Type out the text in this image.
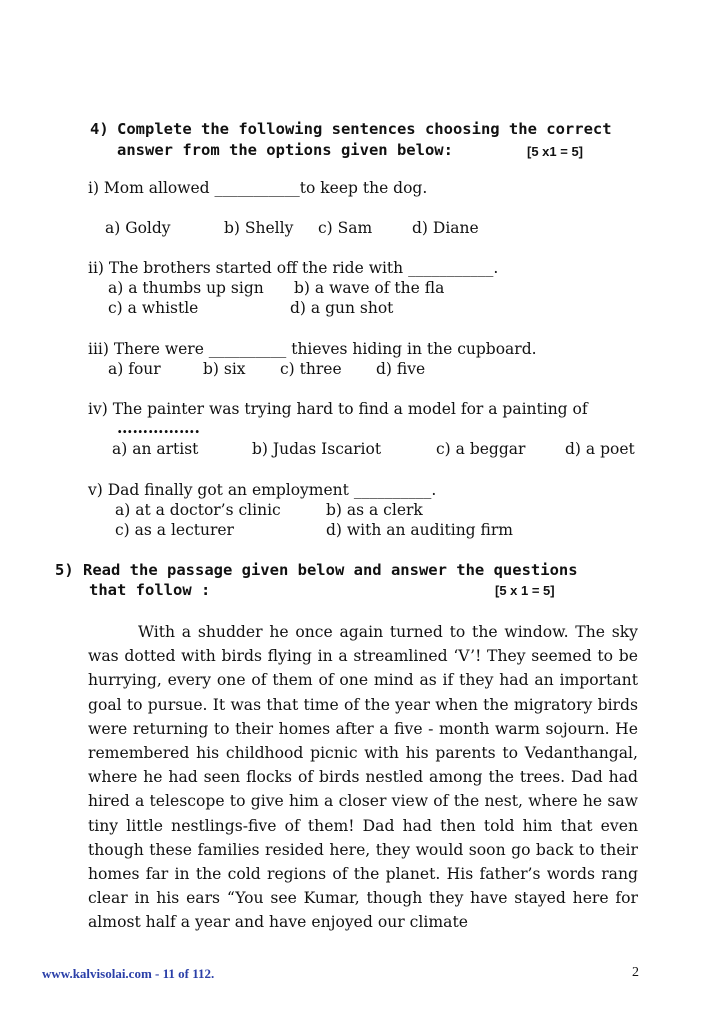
4) Complete the following sentences choosing the correct
answer from the options given below:	[5 x1 = 5]
i) Mom allowed ___________to keep the dog.
a) Goldy	b) Shelly c) Sam	d) Diane
ii) The brothers started off the ride with ___________.
a) a thumbs up sign b) a wave of the fla
c) a whistle	d) a gun shot
iii) There were __________ thieves hiding in the cupboard.
a) four	b) six c) three d) five
iv) The painter was trying hard to find a model for a painting of
…………….
a) an artist	b) Judas Iscariot	c) a beggar	d) a poet
v) Dad finally got an employment __________.
a) at a doctor’s clinic	b) as a clerk
c) as a lecturer	d) with an auditing firm
5) Read the passage given below and answer the questions
that follow :	[5 x 1 = 5]

With a shudder he once again turned to the window. The sky was dotted with birds flying in a streamlined ‘V’! They seemed to be hurrying, every one of them of one mind as if they had an important goal to pursue. It was that time of the year when the migratory birds were returning to their homes after a five - month warm sojourn. He remembered his childhood picnic with his parents to Vedanthangal, where he had seen flocks of birds nestled among the trees. Dad had hired a telescope to give him a closer view of the nest, where he saw tiny little nestlings-five of them! Dad had then told him that even though these families resided here, they would soon go back to their homes far in the cold regions of the planet. His father’s words rang clear in his ears “You see Kumar, though they have stayed here for almost half a year and have enjoyed our climate

www.kalvisolai.com - 11 of 112.	2
